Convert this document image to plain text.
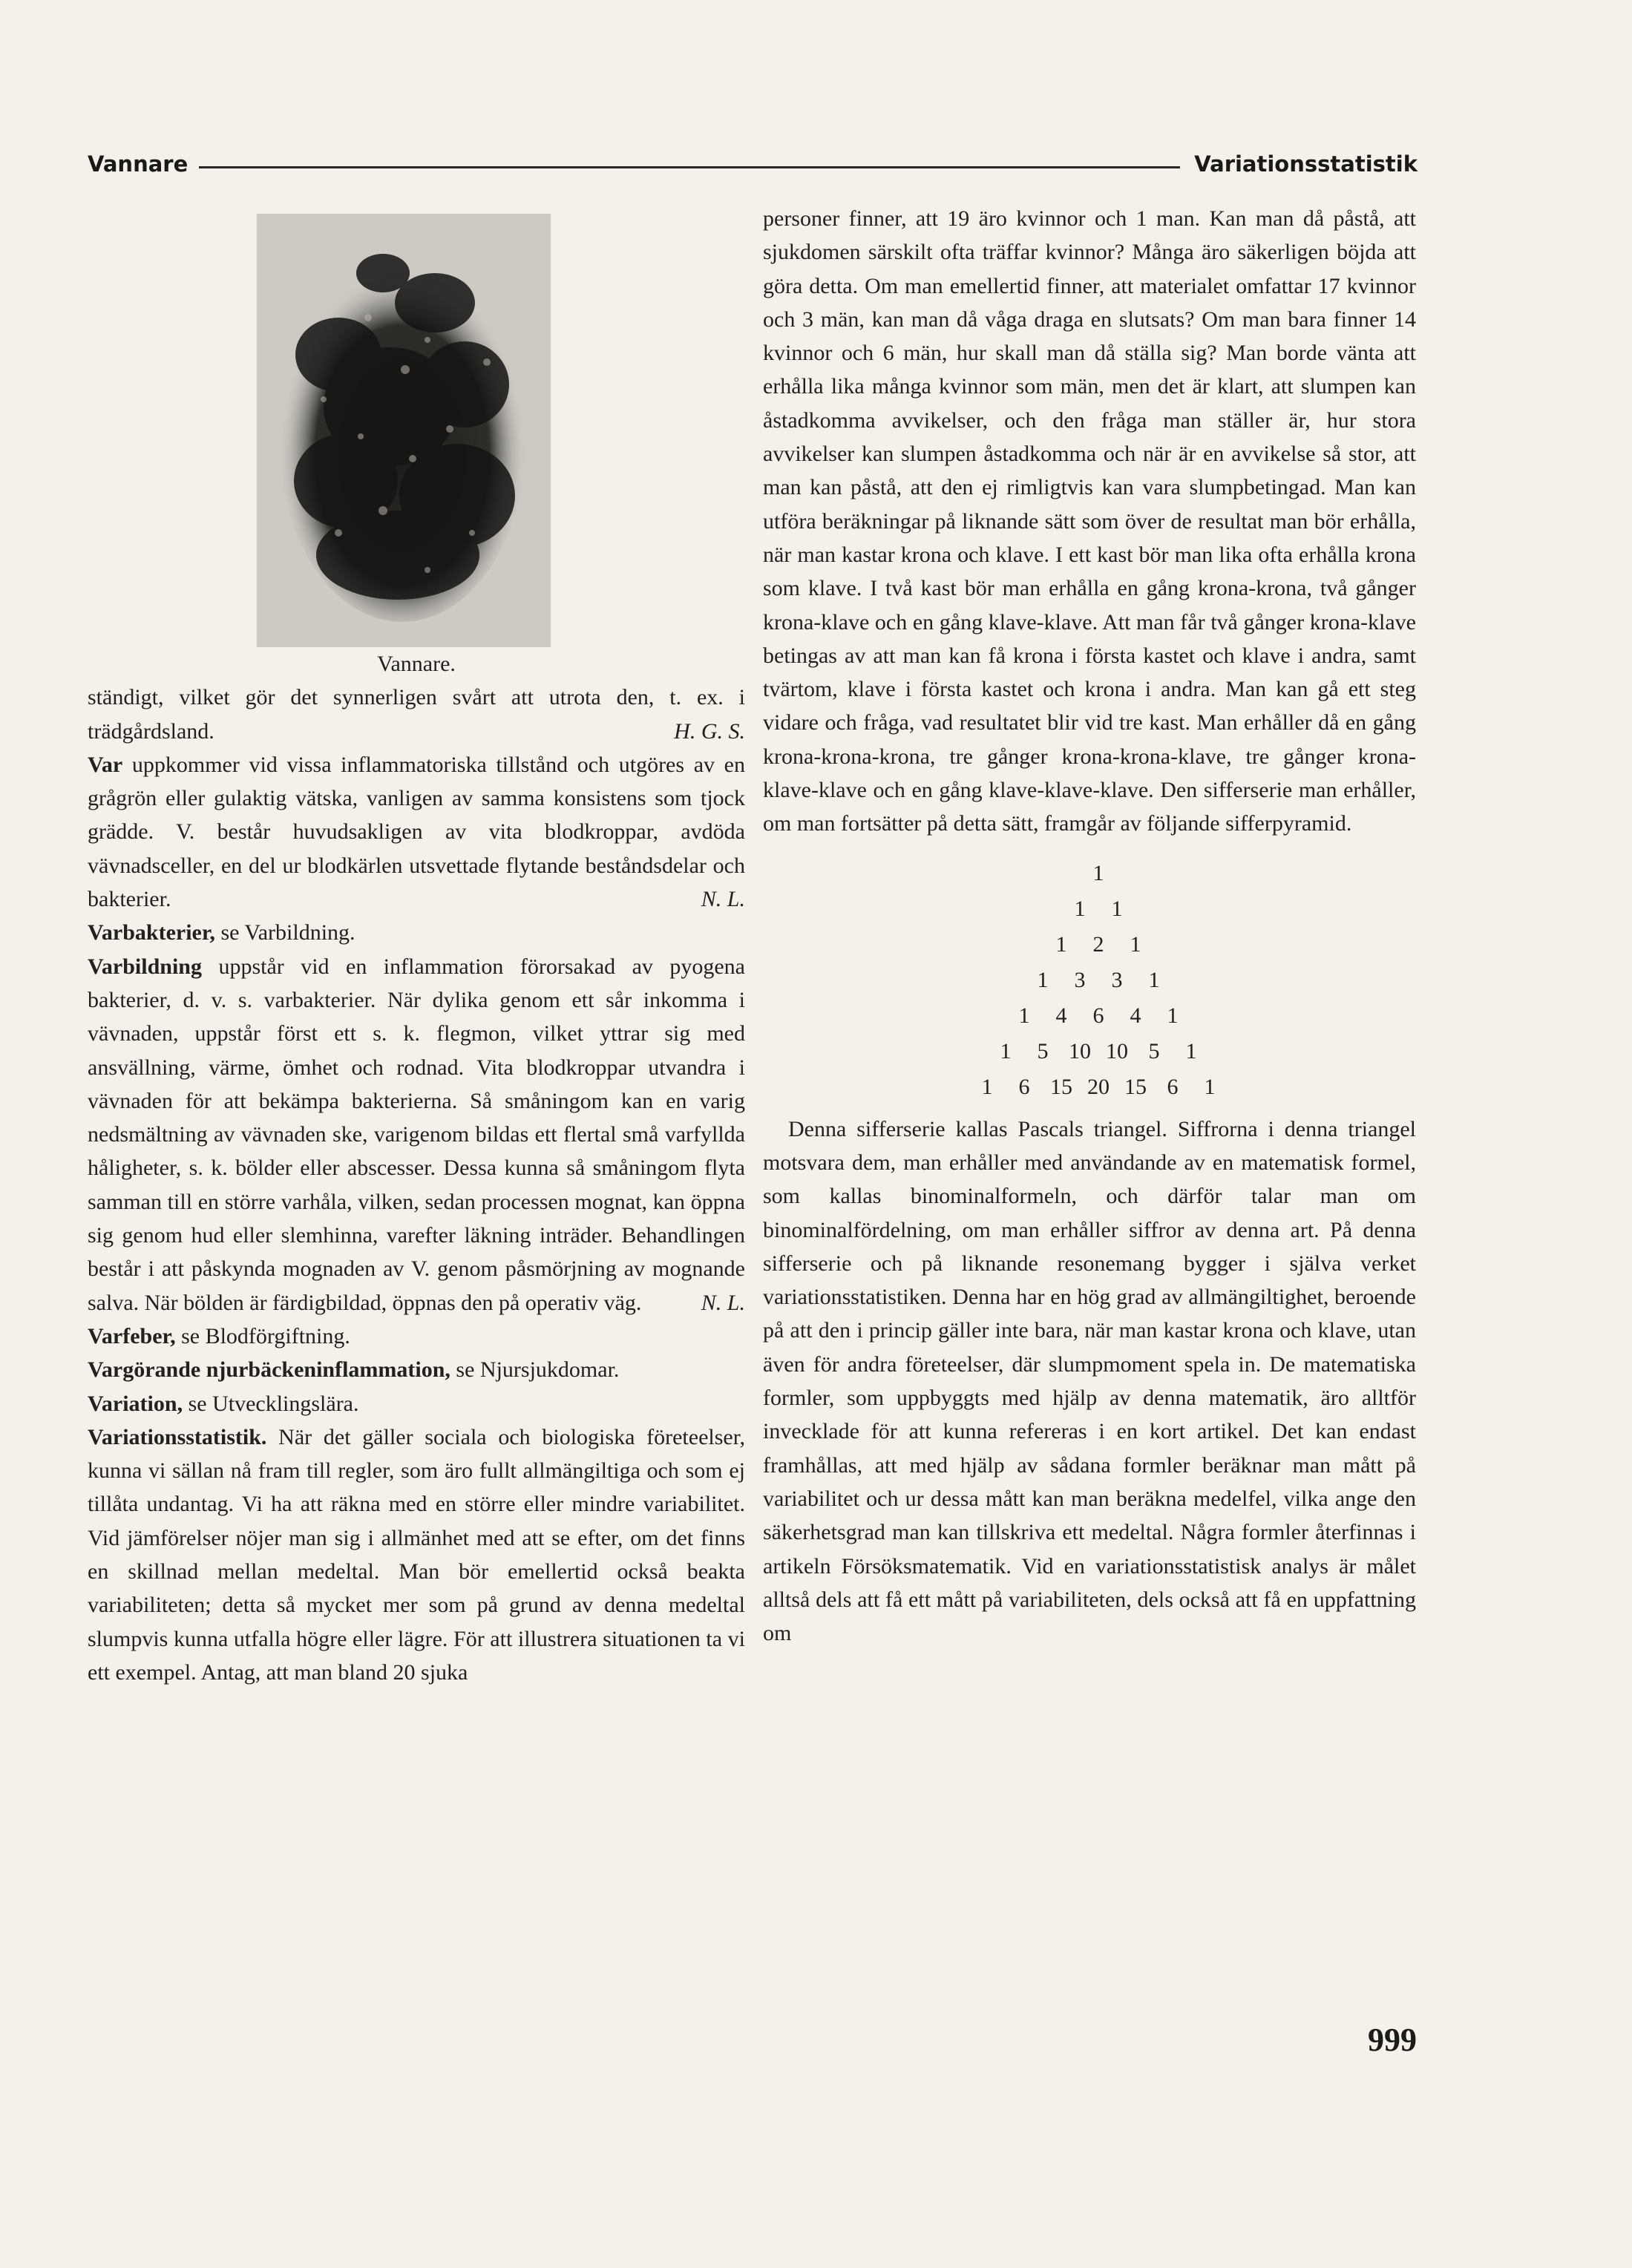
Vannare	Variationsstatistik

Vannare.

ständigt, vilket gör det synnerligen svårt att utrota den, t. ex. i trädgårdsland.	H. G. S.

Var uppkommer vid vissa inflammatoriska tillstånd och utgöres av en grågrön eller gulaktig vätska, vanligen av samma konsistens som tjock grädde. V. består huvudsakligen av vita blodkroppar, avdöda vävnadsceller, en del ur blodkärlen utsvettade flytande beståndsdelar och bakterier.	N. L.

Varbakterier, se Varbildning.

Varbildning uppstår vid en inflammation förorsakad av pyogena bakterier, d. v. s. varbakterier. När dylika genom ett sår inkomma i vävnaden, uppstår först ett s. k. flegmon, vilket yttrar sig med ansvällning, värme, ömhet och rodnad. Vita blodkroppar utvandra i vävnaden för att bekämpa bakterierna. Så småningom kan en varig nedsmältning av vävnaden ske, varigenom bildas ett flertal små varfyllda håligheter, s. k. bölder eller abscesser. Dessa kunna så småningom flyta samman till en större varhåla, vilken, sedan processen mognat, kan öppna sig genom hud eller slemhinna, varefter läkning inträder. Behandlingen består i att påskynda mognaden av V. genom påsmörjning av mognande salva. När bölden är färdigbildad, öppnas den på operativ väg.	N. L.

Varfeber, se Blodförgiftning.

Vargörande njurbäckeninflammation, se Njursjukdomar.

Variation, se Utvecklingslära.

Variationsstatistik. När det gäller sociala och biologiska företeelser, kunna vi sällan nå fram till regler, som äro fullt allmängiltiga och som ej tillåta undantag. Vi ha att räkna med en större eller mindre variabilitet. Vid jämförelser nöjer man sig i allmänhet med att se efter, om det finns en skillnad mellan medeltal. Man bör emellertid också beakta variabiliteten; detta så mycket mer som på grund av denna medeltal slumpvis kunna utfalla högre eller lägre. För att illustrera situationen ta vi ett exempel. Antag, att man bland 20 sjuka

personer finner, att 19 äro kvinnor och 1 man. Kan man då påstå, att sjukdomen särskilt ofta träffar kvinnor? Många äro säkerligen böjda att göra detta. Om man emellertid finner, att materialet omfattar 17 kvinnor och 3 män, kan man då våga draga en slutsats? Om man bara finner 14 kvinnor och 6 män, hur skall man då ställa sig? Man borde vänta att erhålla lika många kvinnor som män, men det är klart, att slumpen kan åstadkomma avvikelser, och den fråga man ställer är, hur stora avvikelser kan slumpen åstadkomma och när är en avvikelse så stor, att man kan påstå, att den ej rimligtvis kan vara slumpbetingad. Man kan utföra beräkningar på liknande sätt som över de resultat man bör erhålla, när man kastar krona och klave. I ett kast bör man lika ofta erhålla krona som klave. I två kast bör man erhålla en gång krona-krona, två gånger krona-klave och en gång klave-klave. Att man får två gånger krona-klave betingas av att man kan få krona i första kastet och klave i andra, samt tvärtom, klave i första kastet och krona i andra. Man kan gå ett steg vidare och fråga, vad resultatet blir vid tre kast. Man erhåller då en gång krona-krona-krona, tre gånger krona-krona-klave, tre gånger krona-klave-klave och en gång klave-klave-klave. Den sifferserie man erhåller, om man fortsätter på detta sätt, framgår av följande sifferpyramid.

1
1	1
1	2	1
1	3	3	1
1	4	6	4	1
1	5 10 10 5	1
1	6 15 20 15 6	1

Denna sifferserie kallas Pascals triangel. Siffrorna i denna triangel motsvara dem, man erhåller med användande av en matematisk formel, som kallas binominalformeln, och därför talar man om binominalfördelning, om man erhåller siffror av denna art. På denna sifferserie och på liknande resonemang bygger i själva verket variationsstatistiken. Denna har en hög grad av allmängiltighet, beroende på att den i princip gäller inte bara, när man kastar krona och klave, utan även för andra företeelser, där slumpmoment spela in. De matematiska formler, som uppbyggts med hjälp av denna matematik, äro alltför invecklade för att kunna refereras i en kort artikel. Det kan endast framhållas, att med hjälp av sådana formler beräknar man mått på variabilitet och ur dessa mått kan man beräkna medelfel, vilka ange den säkerhetsgrad man kan tillskriva ett medeltal. Några formler återfinnas i artikeln Försöksmatematik. Vid en variationsstatistisk analys är målet alltså dels att få ett mått på variabiliteten, dels också att få en uppfattning om

999
